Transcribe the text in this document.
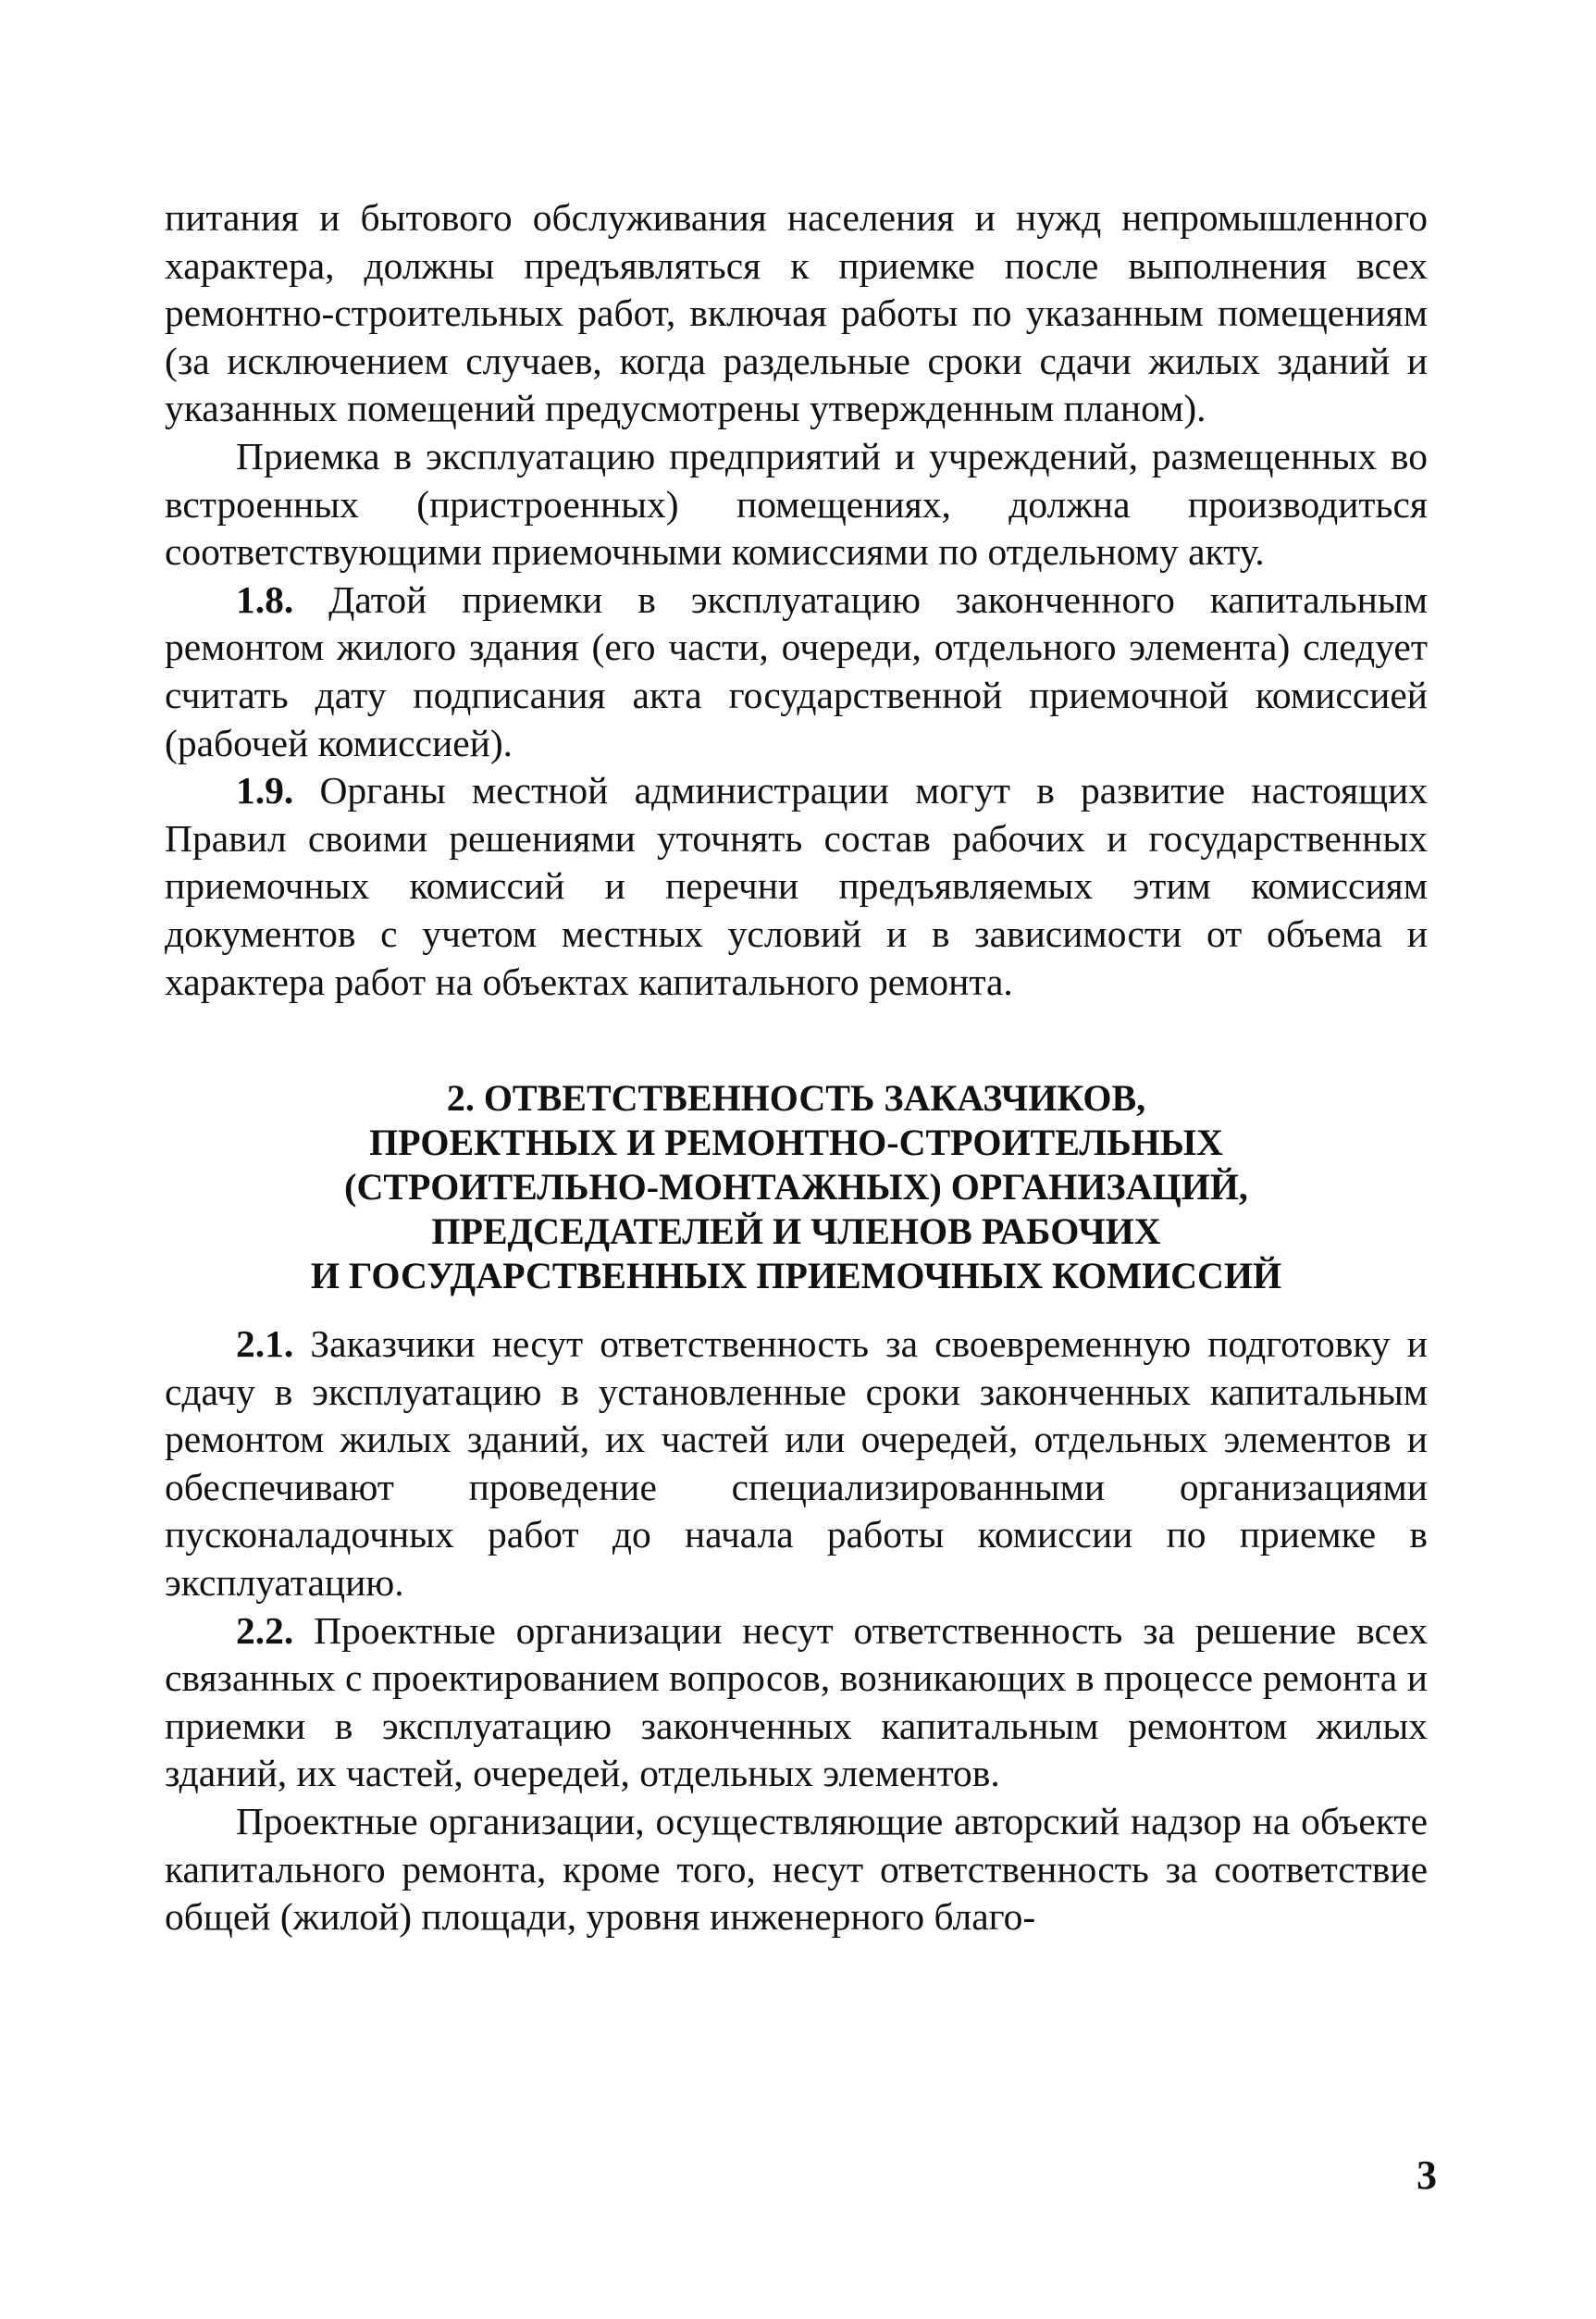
питания и бытового обслуживания населения и нужд непромышленного характера, должны предъявляться к приемке после выполнения всех ремонтно-строительных работ, включая работы по указанным помещениям (за исключением случаев, когда раздельные сроки сдачи жилых зданий и указанных помещений предусмотрены утвержденным планом).

Приемка в эксплуатацию предприятий и учреждений, размещенных во встроенных (пристроенных) помещениях, должна производиться соответствующими приемочными комиссиями по отдельному акту.

1.8. Датой приемки в эксплуатацию законченного капитальным ремонтом жилого здания (его части, очереди, отдельного элемента) следует считать дату подписания акта государственной приемочной комиссией (рабочей комиссией).

1.9. Органы местной администрации могут в развитие настоящих Правил своими решениями уточнять состав рабочих и государственных приемочных комиссий и перечни предъявляемых этим комиссиям документов с учетом местных условий и в зависимости от объема и характера работ на объектах капитального ремонта.

2. ОТВЕТСТВЕННОСТЬ ЗАКАЗЧИКОВ,
ПРОЕКТНЫХ И РЕМОНТНО-СТРОИТЕЛЬНЫХ
(СТРОИТЕЛЬНО-МОНТАЖНЫХ) ОРГАНИЗАЦИЙ,
ПРЕДСЕДАТЕЛЕЙ И ЧЛЕНОВ РАБОЧИХ
И ГОСУДАРСТВЕННЫХ ПРИЕМОЧНЫХ КОМИССИЙ

2.1. Заказчики несут ответственность за своевременную подготовку и сдачу в эксплуатацию в установленные сроки законченных капитальным ремонтом жилых зданий, их частей или очередей, отдельных элементов и обеспечивают проведение специализированными организациями пусконаладочных работ до начала работы комиссии по приемке в эксплуатацию.

2.2. Проектные организации несут ответственность за решение всех связанных с проектированием вопросов, возникающих в процессе ремонта и приемки в эксплуатацию законченных капитальным ремонтом жилых зданий, их частей, очередей, отдельных элементов.

Проектные организации, осуществляющие авторский надзор на объекте капитального ремонта, кроме того, несут ответственность за соответствие общей (жилой) площади, уровня инженерного благо-

3
